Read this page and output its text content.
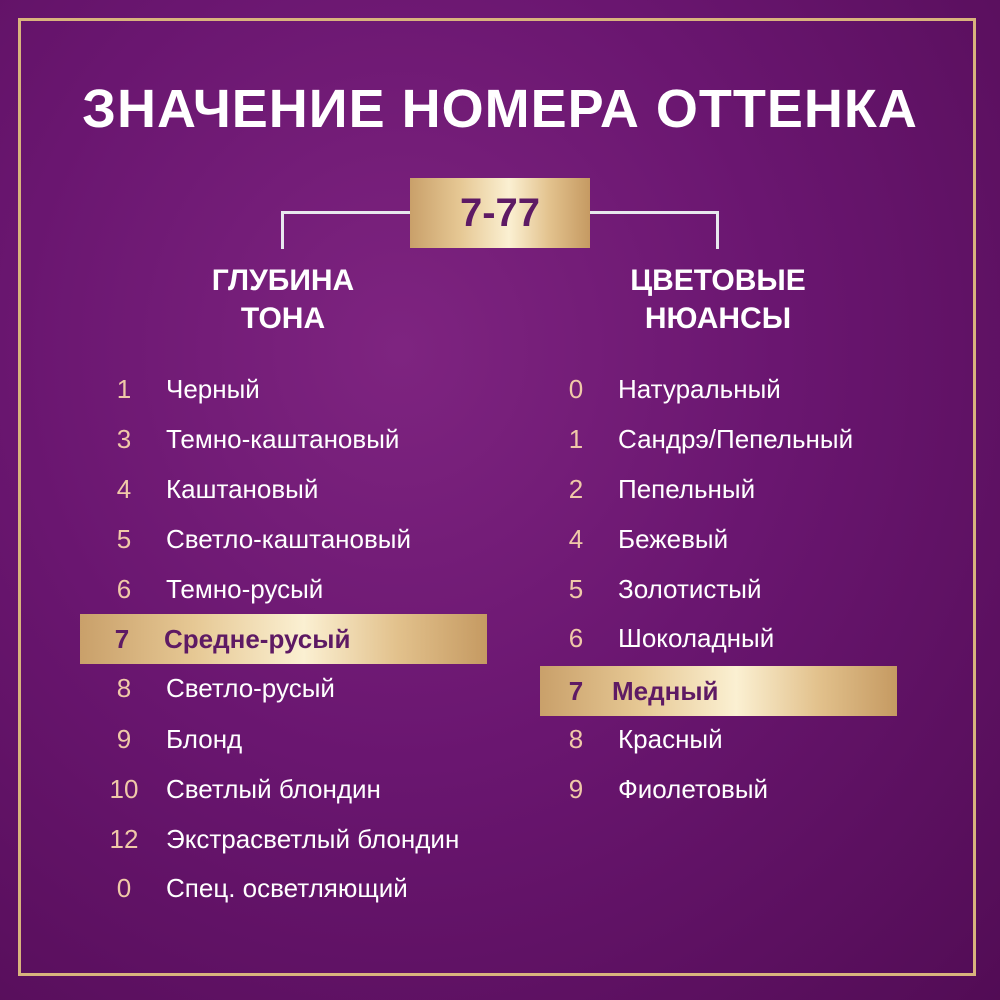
ЗНАЧЕНИЕ НОМЕРА ОТТЕНКА
7-77
ГЛУБИНА
ТОНА
ЦВЕТОВЫЕ
НЮАНСЫ
1	Черный
3	Темно-каштановый
4	Каштановый
5	Светло-каштановый
6	Темно-русый
7	Средне-русый
8	Светло-русый
9	Блонд
10	Светлый блондин
12	Экстрасветлый блондин
0	Спец. осветляющий
0	Натуральный
1	Сандрэ/Пепельный
2	Пепельный
4	Бежевый
5	Золотистый
6	Шоколадный
7	Медный
8	Красный
9	Фиолетовый
